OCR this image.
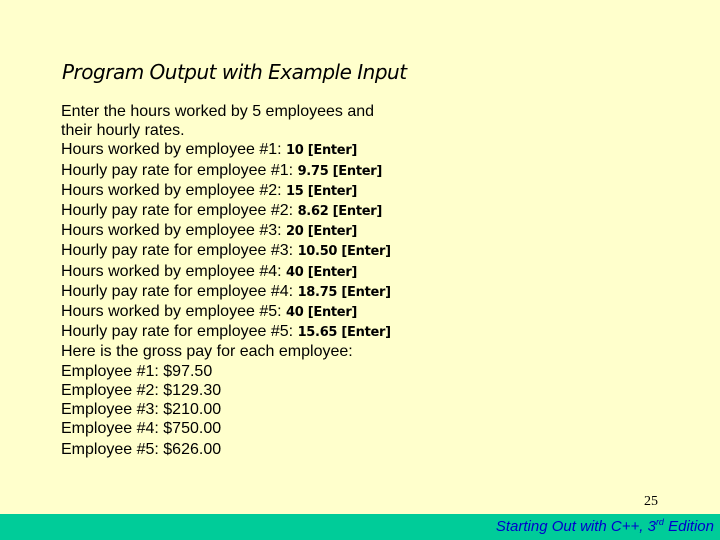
Program Output with Example Input
Enter the hours worked by 5 employees and
their hourly rates.
Hours worked by employee #1: 10 [Enter]
Hourly pay rate for employee #1: 9.75 [Enter]
Hours worked by employee #2: 15 [Enter]
Hourly pay rate for employee #2: 8.62 [Enter]
Hours worked by employee #3: 20 [Enter]
Hourly pay rate for employee #3: 10.50 [Enter]
Hours worked by employee #4: 40 [Enter]
Hourly pay rate for employee #4: 18.75 [Enter]
Hours worked by employee #5: 40 [Enter]
Hourly pay rate for employee #5: 15.65 [Enter]
Here is the gross pay for each employee:
Employee #1: $97.50
Employee #2: $129.30
Employee #3: $210.00
Employee #4: $750.00
Employee #5: $626.00
25
Starting Out with C++, 3rd Edition
